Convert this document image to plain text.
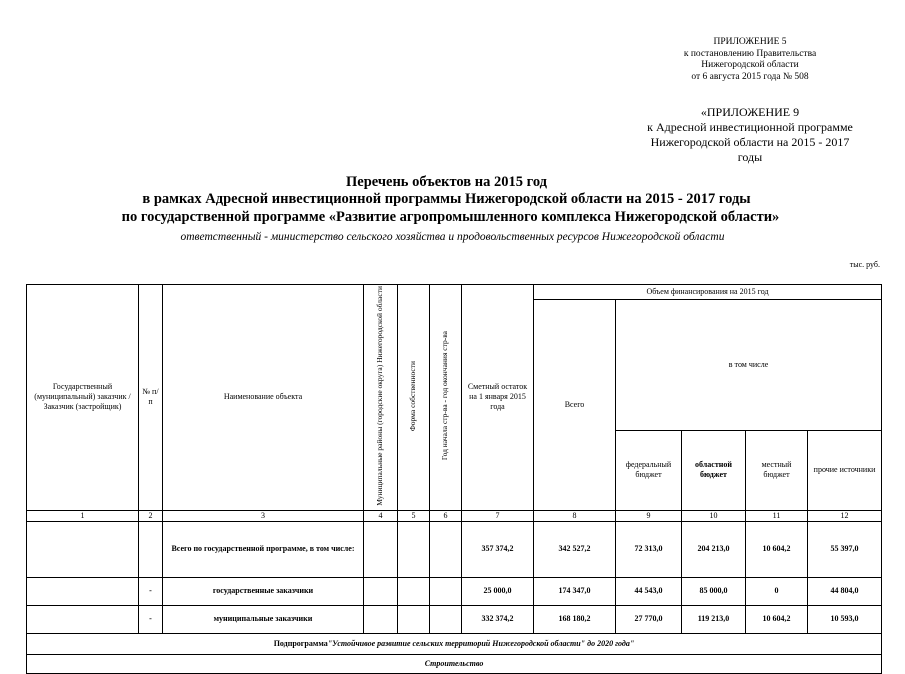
ПРИЛОЖЕНИЕ 5
к постановлению Правительства
Нижегородской области
от 6 августа 2015 года № 508
«ПРИЛОЖЕНИЕ 9
к Адресной инвестиционной программе
Нижегородской области на 2015 - 2017
годы
Перечень объектов на 2015 год
в рамках Адресной инвестиционной программы Нижегородской области на 2015 - 2017 годы
по государственной программе «Развитие агропромышленного комплекса Нижегородской области»
ответственный - министерство сельского хозяйства и продовольственных ресурсов Нижегородской области
тыс. руб.
Государственный (муниципальный) заказчик / Заказчик (застройщик)	№ п/п	Наименование объекта	Муниципальные районы (городские округа) Нижегородской области	Форма собственности	Год начала стр-ва - год окончания стр-ва	Сметный остаток на 1 января 2015 года	Объем финансирования на 2015 год				
							Всего	в том числе			
								федеральный бюджет	областной бюджет	местный бюджет	прочие источники
1	2	3	4	5	6	7	8	9	10	11	12
		Всего по государственной программе, в том числе:				357 374,2	342 527,2	72 313,0	204 213,0	10 604,2	55 397,0
	-	государственные заказчики				25 000,0	174 347,0	44 543,0	85 000,0	0	44 804,0
	-	муниципальные заказчики				332 374,2	168 180,2	27 770,0	119 213,0	10 604,2	10 593,0
Подпрограмма"Устойчивое развитие сельских территорий Нижегородской области" до 2020 года"											
Строительство											
